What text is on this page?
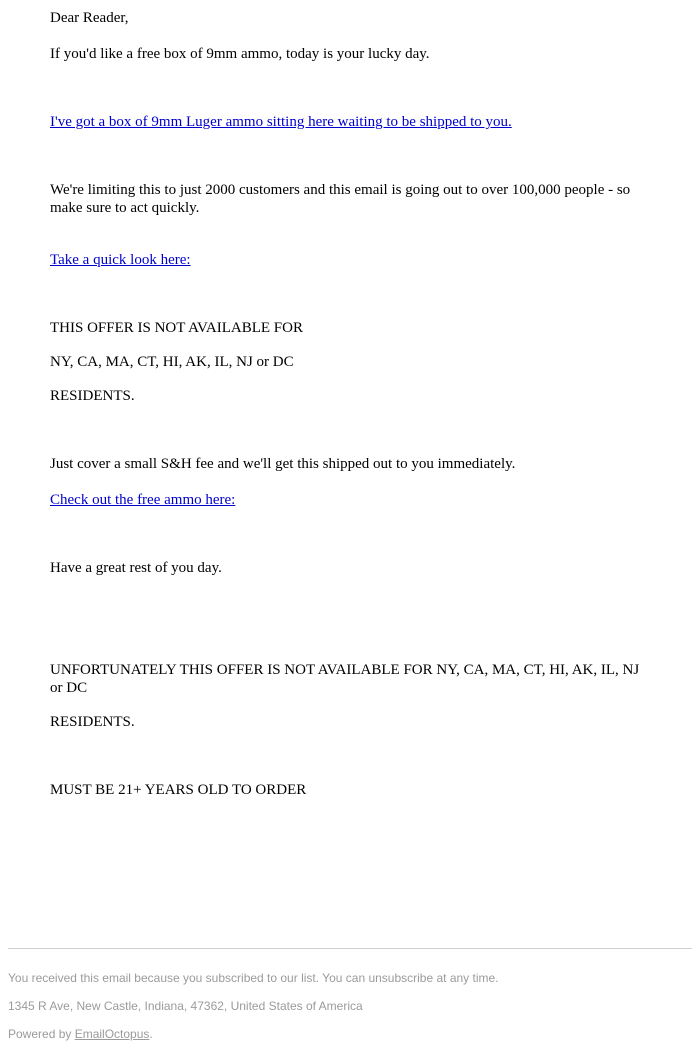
Dear Reader,

If you'd like a free box of 9mm ammo, today is your lucky day.

I've got a box of 9mm Luger ammo sitting here waiting to be shipped to you.

We're limiting this to just 2000 customers and this email is going out to over 100,000 people - so make sure to act quickly.

Take a quick look here:

THIS OFFER IS NOT AVAILABLE FOR

NY, CA, MA, CT, HI, AK, IL, NJ or DC

RESIDENTS.

Just cover a small S&H fee and we'll get this shipped out to you immediately.

Check out the free ammo here:

Have a great rest of you day.

UNFORTUNATELY THIS OFFER IS NOT AVAILABLE FOR NY, CA, MA, CT, HI, AK, IL, NJ or DC

RESIDENTS.

MUST BE 21+ YEARS OLD TO ORDER

You received this email because you subscribed to our list. You can unsubscribe at any time.
1345 R Ave, New Castle, Indiana, 47362, United States of America
Powered by EmailOctopus.
